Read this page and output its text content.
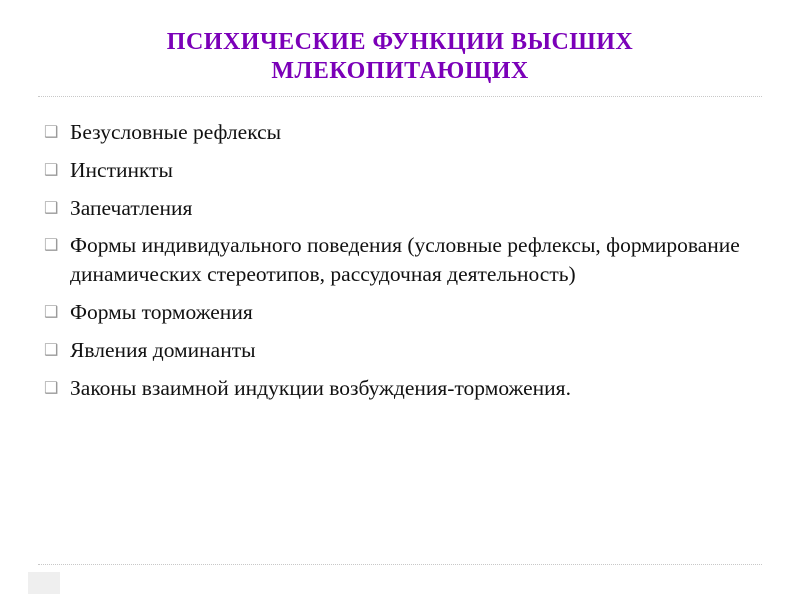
ПСИХИЧЕСКИЕ ФУНКЦИИ ВЫСШИХ МЛЕКОПИТАЮЩИХ
❑ Безусловные рефлексы
❑ Инстинкты
❑ Запечатления
❑ Формы индивидуального поведения (условные рефлексы, формирование динамических стереотипов, рассудочная деятельность)
❑ Формы торможения
❑ Явления доминанты
❑ Законы взаимной индукции возбуждения-торможения.
